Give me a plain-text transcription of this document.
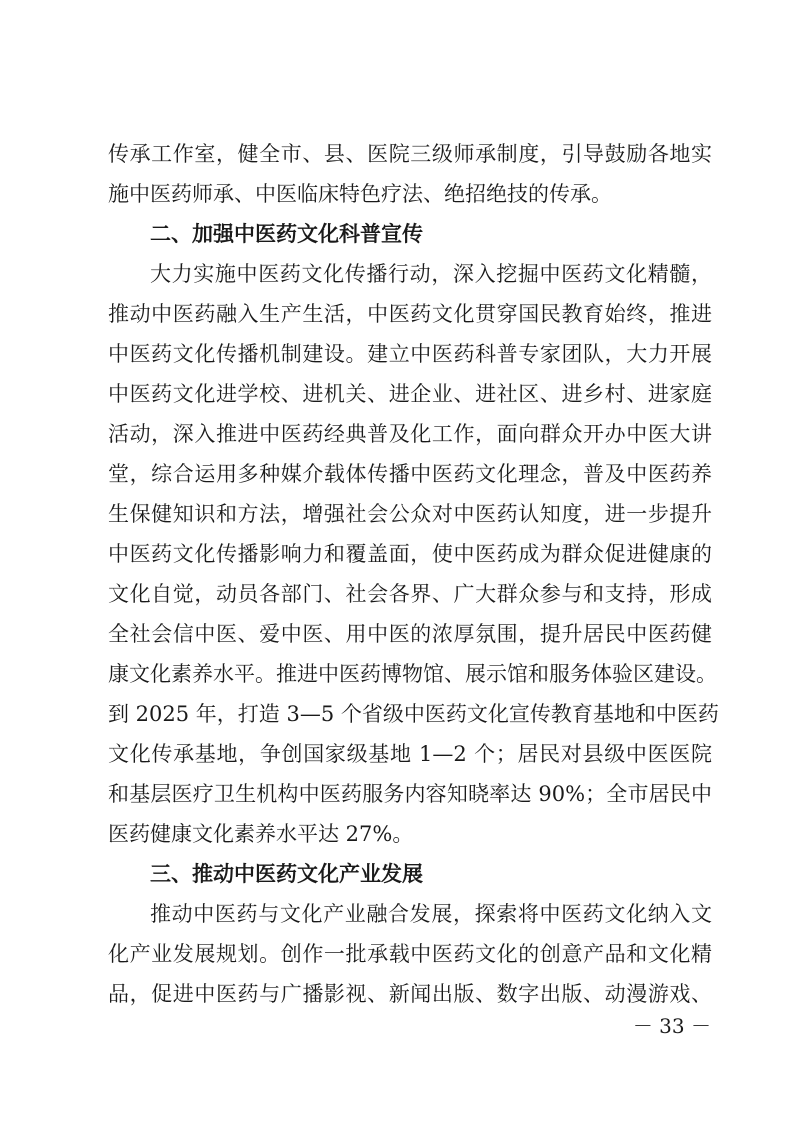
传承工作室，健全市、县、医院三级师承制度，引导鼓励各地实
施中医药师承、中医临床特色疗法、绝招绝技的传承。
二、加强中医药文化科普宣传
大力实施中医药文化传播行动，深入挖掘中医药文化精髓，
推动中医药融入生产生活，中医药文化贯穿国民教育始终，推进
中医药文化传播机制建设。建立中医药科普专家团队，大力开展
中医药文化进学校、进机关、进企业、进社区、进乡村、进家庭
活动，深入推进中医药经典普及化工作，面向群众开办中医大讲
堂，综合运用多种媒介载体传播中医药文化理念，普及中医药养
生保健知识和方法，增强社会公众对中医药认知度，进一步提升
中医药文化传播影响力和覆盖面，使中医药成为群众促进健康的
文化自觉，动员各部门、社会各界、广大群众参与和支持，形成
全社会信中医、爱中医、用中医的浓厚氛围，提升居民中医药健
康文化素养水平。推进中医药博物馆、展示馆和服务体验区建设。
到 2025 年，打造 3—5 个省级中医药文化宣传教育基地和中医药
文化传承基地，争创国家级基地 1—2 个；居民对县级中医医院
和基层医疗卫生机构中医药服务内容知晓率达 90%；全市居民中
医药健康文化素养水平达 27%。
三、推动中医药文化产业发展
推动中医药与文化产业融合发展，探索将中医药文化纳入文
化产业发展规划。创作一批承载中医药文化的创意产品和文化精
品，促进中医药与广播影视、新闻出版、数字出版、动漫游戏、
－ 33 －
